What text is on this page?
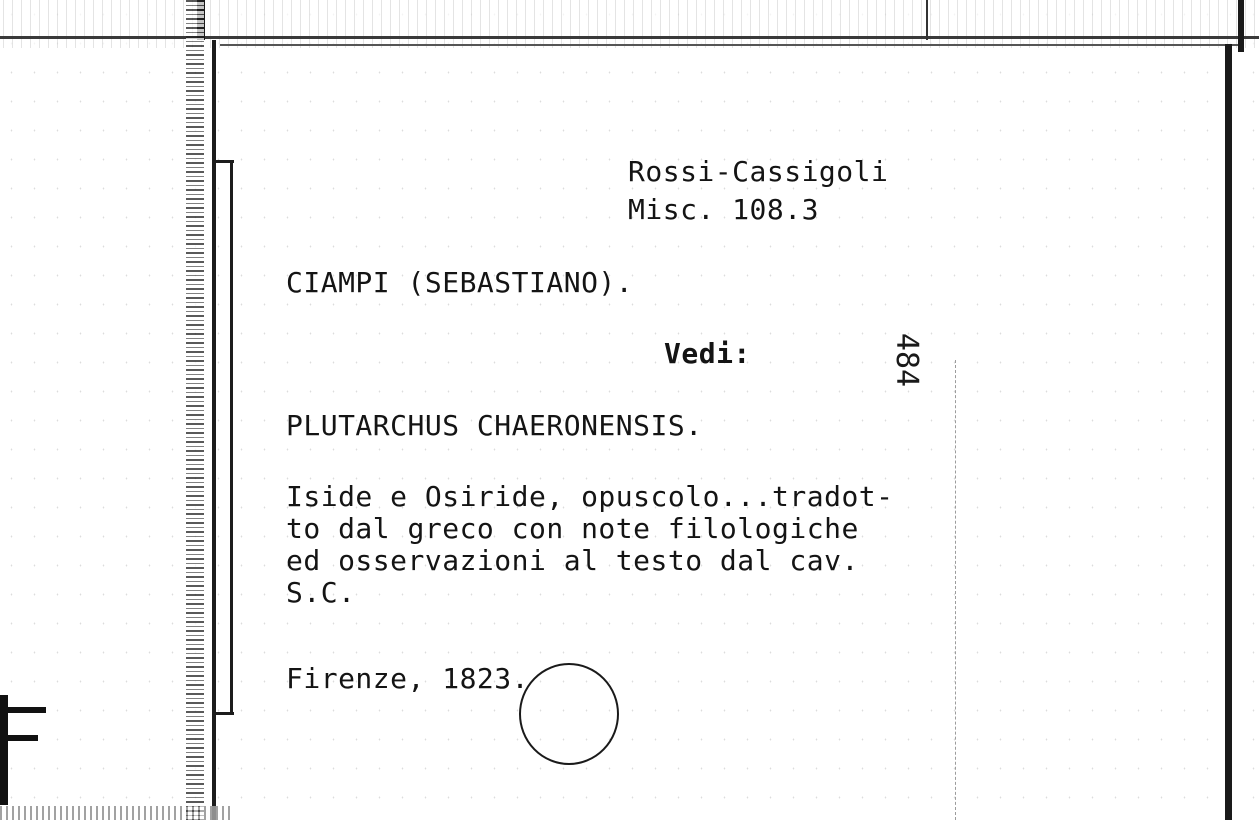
Rossi-Cassigoli

Misc. 108.3

CIAMPI (SEBASTIANO).

Vedi:	484

PLUTARCHUS CHAERONENSIS.

Iside e Osiride, opuscolo...tradot-
to dal greco con note filologiche
ed osservazioni al testo dal cav.
S.C.

Firenze, 1823.
